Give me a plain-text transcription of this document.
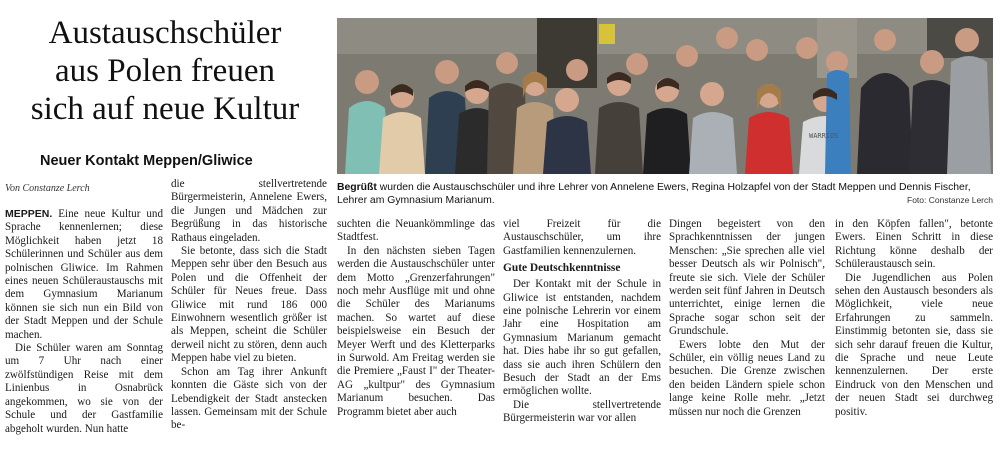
Austauschschüler
aus Polen freuen
sich auf neue Kultur
Neuer Kontakt Meppen/Gliwice
Von Constanze Lerch
WARRIOS
Begrüßt wurden die Austauschschüler und ihre Lehrer von Annelene Ewers, Regina Holzapfel von der Stadt Meppen und Dennis Fischer, Lehrer am Gymnasium Marianum.	Foto: Constanze Lerch

MEPPEN. Eine neue Kultur und Sprache kennenlernen; diese Möglichkeit haben jetzt 18 Schülerinnen und Schüler aus dem polnischen Gliwice. Im Rahmen eines neuen Schüleraustauschs mit dem Gymnasium Marianum können sie sich nun ein Bild von der Stadt Meppen und der Schule machen.

Die Schüler waren am Sonntag um 7 Uhr nach einer zwölfstündigen Reise mit dem Linienbus in Osnabrück angekommen, wo sie von der Schule und der Gastfamilie abgeholt wurden. Nun hatte

die stellvertretende Bürgermeisterin, Annelene Ewers, die Jungen und Mädchen zur Begrüßung in das historische Rathaus eingeladen.

Sie betonte, dass sich die Stadt Meppen sehr über den Besuch aus Polen und die Offenheit der Schüler für Neues freue. Dass Gliwice mit rund 186 000 Einwohnern wesentlich größer ist als Meppen, scheint die Schüler derweil nicht zu stören, denn auch Meppen habe viel zu bieten.

Schon am Tag ihrer Ankunft konnten die Gäste sich von der Lebendigkeit der Stadt anstecken lassen. Gemeinsam mit der Schule be-

suchten die Neuankömmlinge das Stadtfest.

In den nächsten sieben Tagen werden die Austauschschüler unter dem Motto „Grenzerfahrungen" noch mehr Ausflüge mit und ohne die Schüler des Marianums machen. So wartet auf diese beispielsweise ein Besuch der Meyer Werft und des Kletterparks in Surwold. Am Freitag werden sie die Premiere „Faust I" der Theater-AG „kultpur" des Gymnasium Marianum besuchen. Das Programm bietet aber auch

viel Freizeit für die Austauschschüler, um ihre Gastfamilien kennenzulernen.

Gute Deutschkenntnisse

Der Kontakt mit der Schule in Gliwice ist entstanden, nachdem eine polnische Lehrerin vor einem Jahr eine Hospitation am Gymnasium Marianum gemacht hat. Dies habe ihr so gut gefallen, dass sie auch ihren Schülern den Besuch der Stadt an der Ems ermöglichen wollte.

Die stellvertretende Bürgermeisterin war vor allen

Dingen begeistert von den Sprachkenntnissen der jungen Menschen: „Sie sprechen alle viel besser Deutsch als wir Polnisch", freute sie sich. Viele der Schüler werden seit fünf Jahren in Deutsch unterrichtet, einige lernen die Sprache sogar schon seit der Grundschule.

Ewers lobte den Mut der Schüler, ein völlig neues Land zu besuchen. Die Grenze zwischen den beiden Ländern spiele schon lange keine Rolle mehr. „Jetzt müssen nur noch die Grenzen

in den Köpfen fallen", betonte Ewers. Einen Schritt in diese Richtung könne deshalb der Schüleraustausch sein.

Die Jugendlichen aus Polen sehen den Austausch besonders als Möglichkeit, viele neue Erfahrungen zu sammeln. Einstimmig betonten sie, dass sie sich sehr darauf freuen die Kultur, die Sprache und neue Leute kennenzulernen. Der erste Eindruck von den Menschen und der neuen Stadt sei durchweg positiv.
